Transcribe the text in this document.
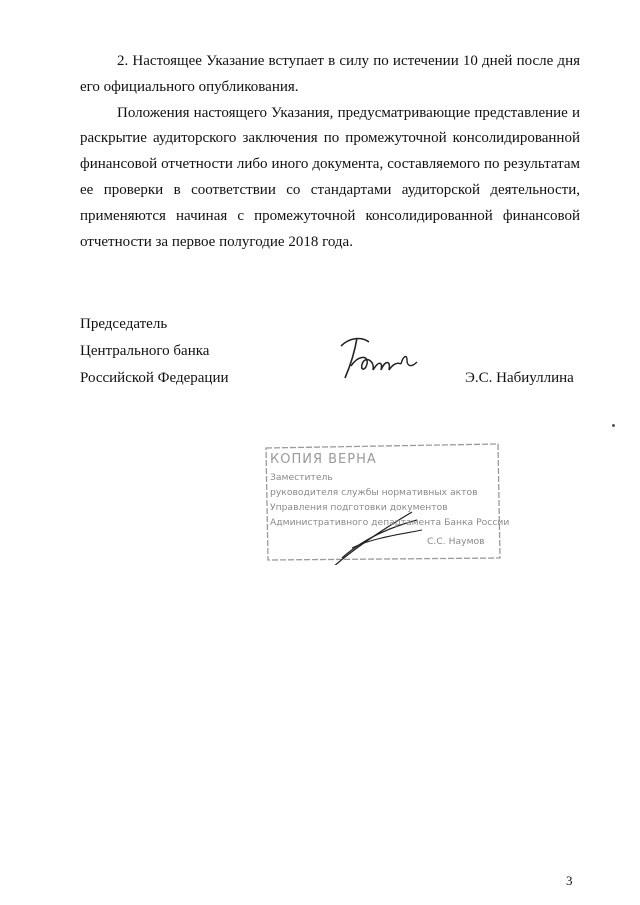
2. Настоящее Указание вступает в силу по истечении 10 дней после дня его официального опубликования.

Положения настоящего Указания, предусматривающие представление и раскрытие аудиторского заключения по промежуточной консолидированной финансовой отчетности либо иного документа, составляемого по результатам ее проверки в соответствии со стандартами аудиторской деятельности, применяются начиная с промежуточной консолидированной финансовой отчетности за первое полугодие 2018 года.

Председатель
Центрального банка
Российской Федерации	Э.С. Набиуллина
КОПИЯ ВЕРНА
Заместитель
руководителя службы нормативных актов
Управления подготовки документов
Административного департамента Банка России
С.С. Наумов
3
